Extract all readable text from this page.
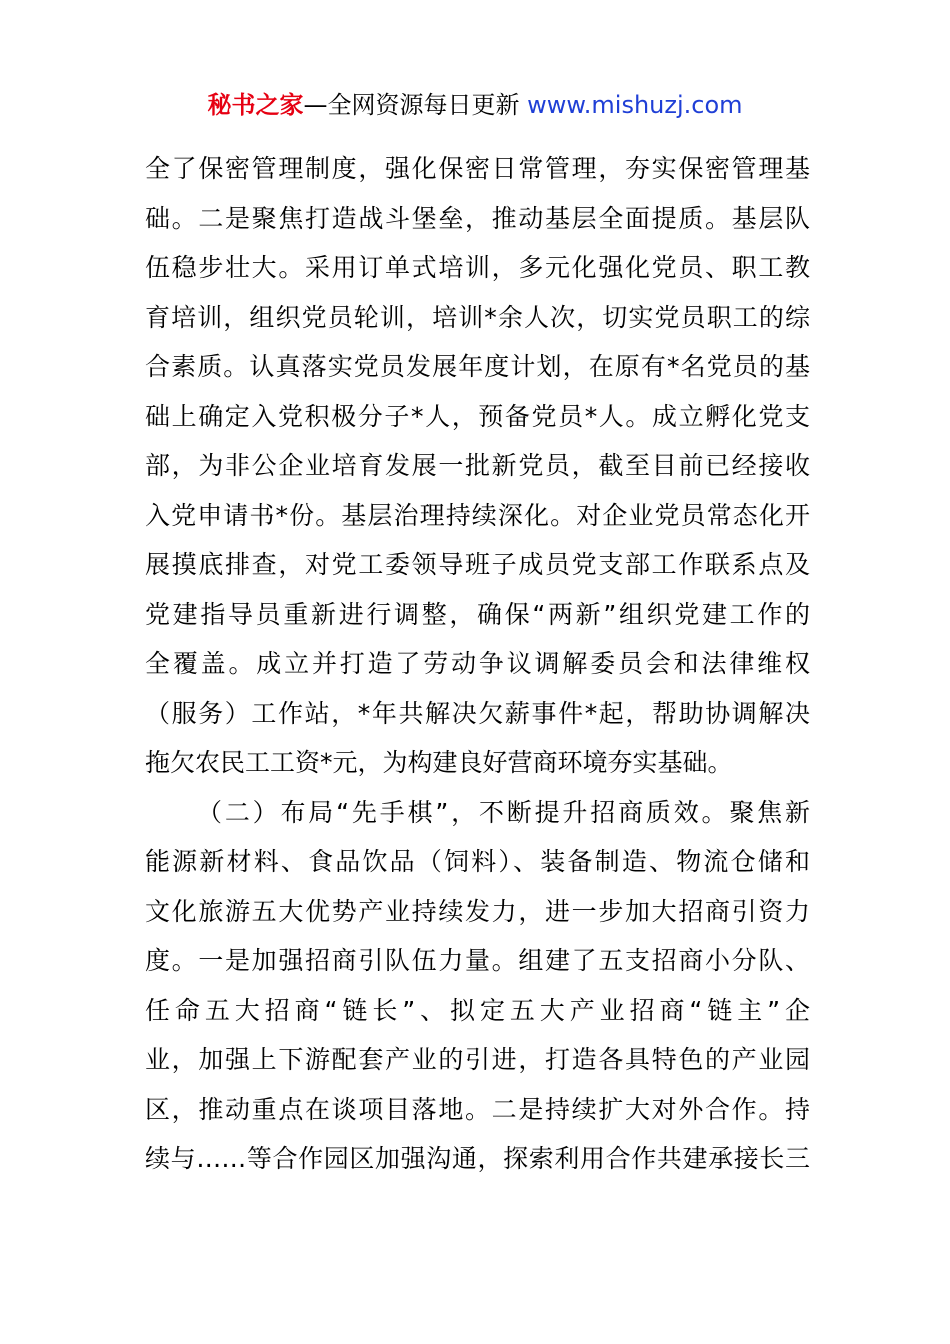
秘书之家—全网资源每日更新 www.mishuzj.com
全了保密管理制度，强化保密日常管理，夯实保密管理基
础。二是聚焦打造战斗堡垒，推动基层全面提质。基层队
伍稳步壮大。采用订单式培训，多元化强化党员、职工教
育培训，组织党员轮训，培训*余人次，切实党员职工的综
合素质。认真落实党员发展年度计划，在原有*名党员的基
础上确定入党积极分子*人，预备党员*人。成立孵化党支
部，为非公企业培育发展一批新党员，截至目前已经接收
入党申请书*份。基层治理持续深化。对企业党员常态化开
展摸底排查，对党工委领导班子成员党支部工作联系点及
党建指导员重新进行调整，确保“两新”组织党建工作的
全覆盖。成立并打造了劳动争议调解委员会和法律维权
（服务）工作站，*年共解决欠薪事件*起，帮助协调解决
拖欠农民工工资*元，为构建良好营商环境夯实基础。
（二）布局“先手棋”，不断提升招商质效。聚焦新
能源新材料、食品饮品（饲料）、装备制造、物流仓储和
文化旅游五大优势产业持续发力，进一步加大招商引资力
度。一是加强招商引队伍力量。组建了五支招商小分队、
任命五大招商“链长”、拟定五大产业招商“链主”企
业，加强上下游配套产业的引进，打造各具特色的产业园
区，推动重点在谈项目落地。二是持续扩大对外合作。持
续与……等合作园区加强沟通，探索利用合作共建承接长三
